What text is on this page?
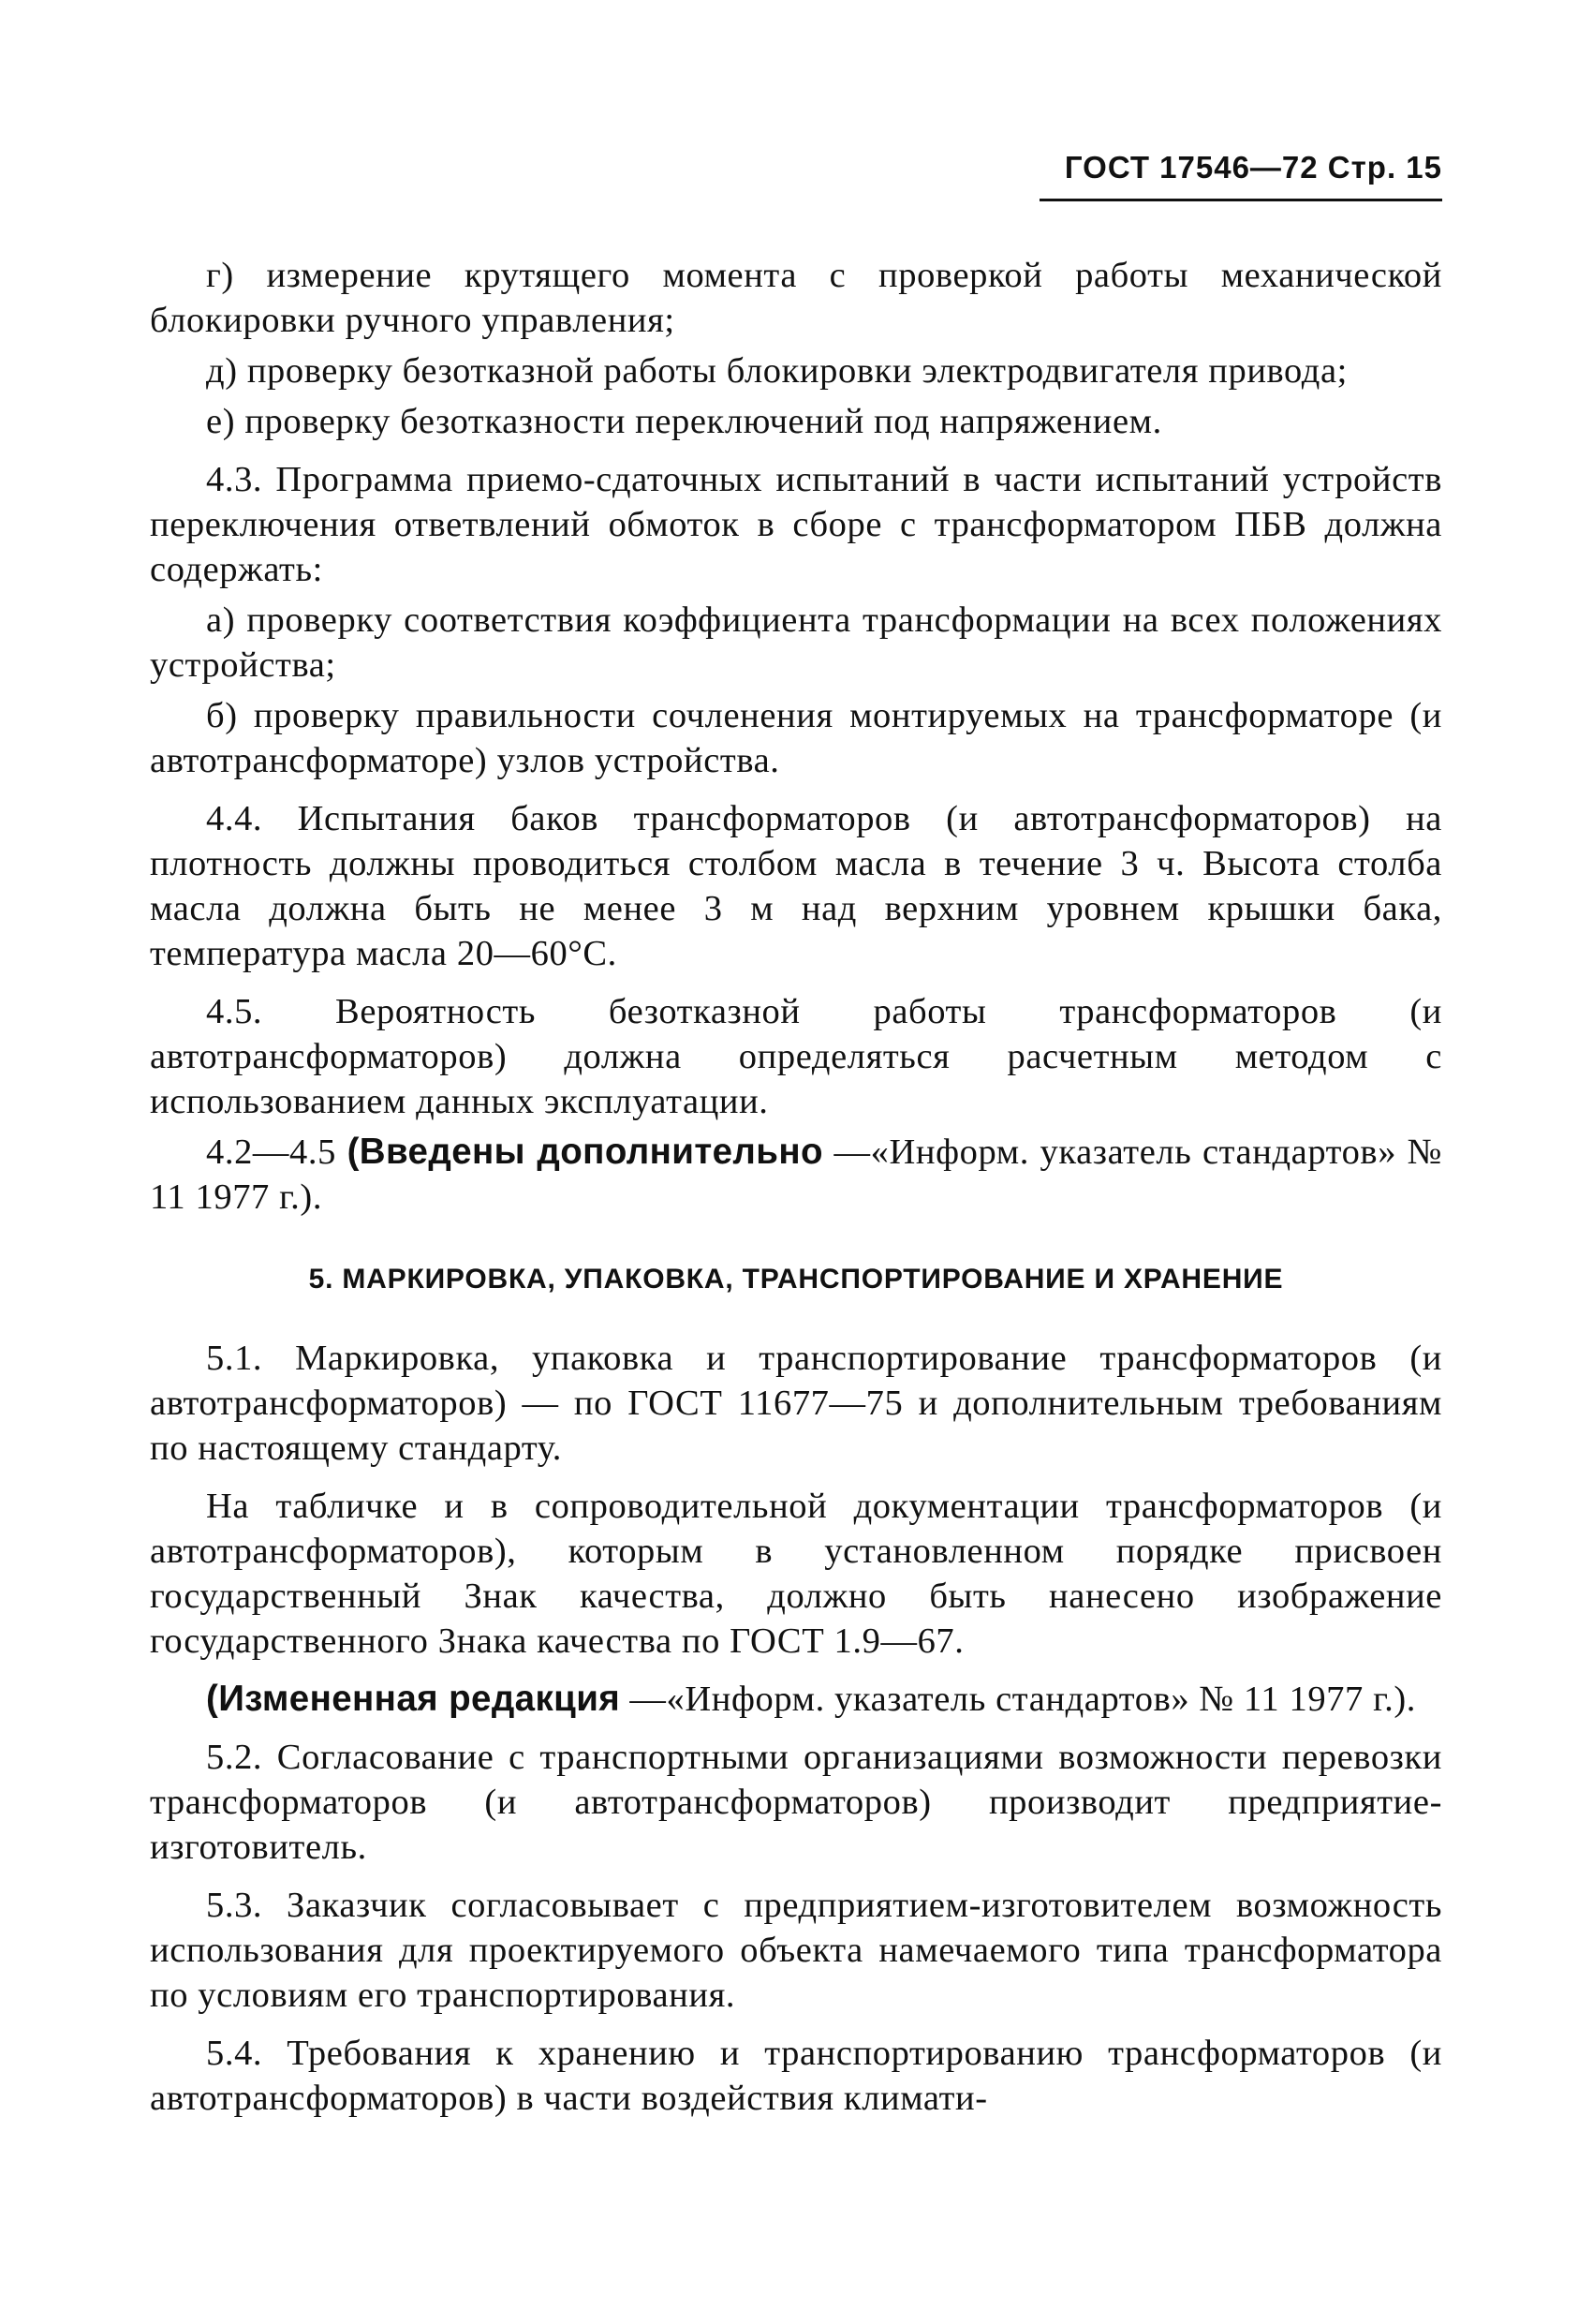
ГОСТ 17546—72 Стр. 15

г) измерение крутящего момента с проверкой работы механической блокировки ручного управления;

д) проверку безотказной работы блокировки электродвигателя привода;

е) проверку безотказности переключений под напряжением.

4.3. Программа приемо-сдаточных испытаний в части испытаний устройств переключения ответвлений обмоток в сборе с трансформатором ПБВ должна содержать:

а) проверку соответствия коэффициента трансформации на всех положениях устройства;

б) проверку правильности сочленения монтируемых на трансформаторе (и автотрансформаторе) узлов устройства.

4.4. Испытания баков трансформаторов (и автотрансформаторов) на плотность должны проводиться столбом масла в течение 3 ч. Высота столба масла должна быть не менее 3 м над верхним уровнем крышки бака, температура масла 20—60°С.

4.5. Вероятность безотказной работы трансформаторов (и автотрансформаторов) должна определяться расчетным методом с использованием данных эксплуатации.

4.2—4.5 (Введены дополнительно —«Информ. указатель стандартов» № 11 1977 г.).

5. МАРКИРОВКА, УПАКОВКА, ТРАНСПОРТИРОВАНИЕ И ХРАНЕНИЕ

5.1. Маркировка, упаковка и транспортирование трансформаторов (и автотрансформаторов) — по ГОСТ 11677—75 и дополнительным требованиям по настоящему стандарту.

На табличке и в сопроводительной документации трансформаторов (и автотрансформаторов), которым в установленном порядке присвоен государственный Знак качества, должно быть нанесено изображение государственного Знака качества по ГОСТ 1.9—67.

(Измененная редакция —«Информ. указатель стандартов» № 11 1977 г.).

5.2. Согласование с транспортными организациями возможности перевозки трансформаторов (и автотрансформаторов) производит предприятие-изготовитель.

5.3. Заказчик согласовывает с предприятием-изготовителем возможность использования для проектируемого объекта намечаемого типа трансформатора по условиям его транспортирования.

5.4. Требования к хранению и транспортированию трансформаторов (и автотрансформаторов) в части воздействия климати-
